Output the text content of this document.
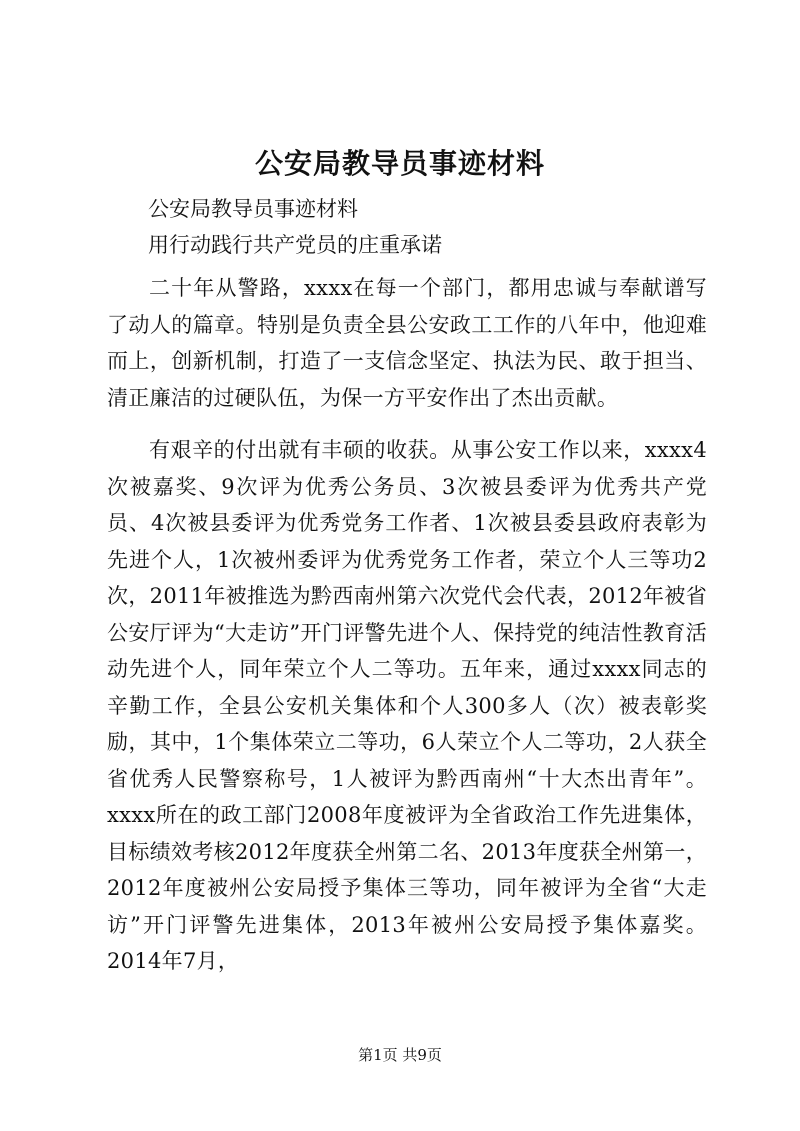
公安局教导员事迹材料

公安局教导员事迹材料

用行动践行共产党员的庄重承诺

二十年从警路，xxxx在每一个部门，都用忠诚与奉献谱写了动人的篇章。特别是负责全县公安政工工作的八年中，他迎难而上，创新机制，打造了一支信念坚定、执法为民、敢于担当、清正廉洁的过硬队伍，为保一方平安作出了杰出贡献。

有艰辛的付出就有丰硕的收获。从事公安工作以来，xxxx4次被嘉奖、9次评为优秀公务员、3次被县委评为优秀共产党员、4次被县委评为优秀党务工作者、1次被县委县政府表彰为先进个人，1次被州委评为优秀党务工作者，荣立个人三等功2次，2011年被推选为黔西南州第六次党代会代表，2012年被省公安厅评为“大走访”开门评警先进个人、保持党的纯洁性教育活动先进个人，同年荣立个人二等功。五年来，通过xxxx同志的辛勤工作，全县公安机关集体和个人300多人（次）被表彰奖励，其中，1个集体荣立二等功，6人荣立个人二等功，2人获全省优秀人民警察称号，1人被评为黔西南州“十大杰出青年”。xxxx所在的政工部门2008年度被评为全省政治工作先进集体，目标绩效考核2012年度获全州第二名、2013年度获全州第一，2012年度被州公安局授予集体三等功，同年被评为全省“大走访”开门评警先进集体，2013年被州公安局授予集体嘉奖。2014年7月，

第1页 共9页
